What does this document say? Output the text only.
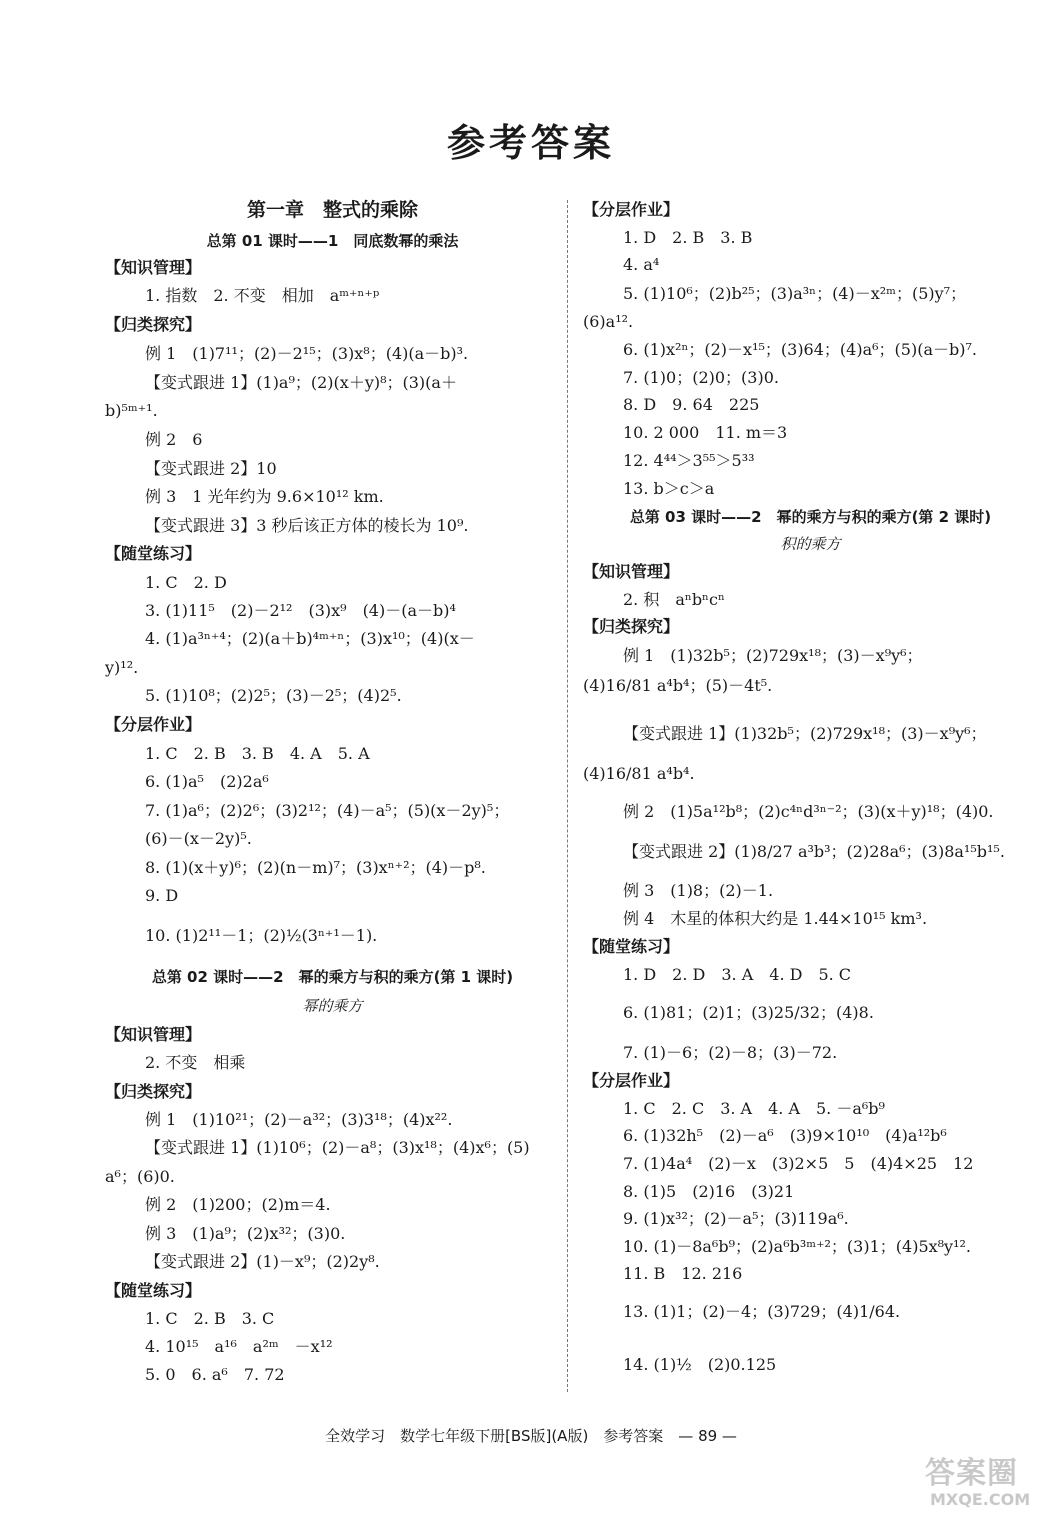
参考答案
第一章　整式的乘除
总第 01 课时——1　同底数幂的乘法
【知识管理】
1. 指数　2. 不变　相加　aᵐ⁺ⁿ⁺ᵖ
【归类探究】
例 1　(1)7¹¹；(2)－2¹⁵；(3)x⁸；(4)(a－b)³.
【变式跟进 1】(1)a⁹；(2)(x＋y)⁸；(3)(a＋
b)⁵ᵐ⁺¹.
例 2　6
【变式跟进 2】10
例 3　1 光年约为 9.6×10¹² km.
【变式跟进 3】3 秒后该正方体的棱长为 10⁹.
【随堂练习】
1. C　2. D
3. (1)11⁵　(2)－2¹²　(3)x⁹　(4)－(a－b)⁴
4. (1)a³ⁿ⁺⁴；(2)(a＋b)⁴ᵐ⁺ⁿ；(3)x¹⁰；(4)(x－
y)¹².
5. (1)10⁸；(2)2⁵；(3)－2⁵；(4)2⁵.
【分层作业】
1. C　2. B　3. B　4. A　5. A
6. (1)a⁵　(2)2a⁶
7. (1)a⁶；(2)2⁶；(3)2¹²；(4)－a⁵；(5)(x－2y)⁵；
(6)－(x－2y)⁵.
8. (1)(x＋y)⁶；(2)(n－m)⁷；(3)xⁿ⁺²；(4)－p⁸.
9. D
10. (1)2¹¹－1；(2)½(3ⁿ⁺¹－1).
总第 02 课时——2　幂的乘方与积的乘方(第 1 课时)
幂的乘方
【知识管理】
2. 不变　相乘
【归类探究】
例 1　(1)10²¹；(2)－a³²；(3)3¹⁸；(4)x²².
【变式跟进 1】(1)10⁶；(2)－a⁸；(3)x¹⁸；(4)x⁶；(5)
a⁶；(6)0.
例 2　(1)200；(2)m＝4.
例 3　(1)a⁹；(2)x³²；(3)0.
【变式跟进 2】(1)－x⁹；(2)2y⁸.
【随堂练习】
1. C　2. B　3. C
4. 10¹⁵　a¹⁶　a²ᵐ　－x¹²
5. 0　6. a⁶　7. 72
【分层作业】
1. D　2. B　3. B
4. a⁴
5. (1)10⁶；(2)b²⁵；(3)a³ⁿ；(4)－x²ᵐ；(5)y⁷；
(6)a¹².
6. (1)x²ⁿ；(2)－x¹⁵；(3)64；(4)a⁶；(5)(a－b)⁷.
7. (1)0；(2)0；(3)0.
8. D　9. 64　225
10. 2 000　11. m＝3
12. 4⁴⁴＞3⁵⁵＞5³³
13. b＞c＞a
总第 03 课时——2　幂的乘方与积的乘方(第 2 课时)
积的乘方
【知识管理】
2. 积　aⁿbⁿcⁿ
【归类探究】
例 1　(1)32b⁵；(2)729x¹⁸；(3)－x⁹y⁶；
(4)16/81 a⁴b⁴；(5)－4t⁵.
【变式跟进 1】(1)32b⁵；(2)729x¹⁸；(3)－x⁹y⁶；
(4)16/81 a⁴b⁴.
例 2　(1)5a¹²b⁸；(2)c⁴ⁿd³ⁿ⁻²；(3)(x＋y)¹⁸；(4)0.
【变式跟进 2】(1)8/27 a³b³；(2)28a⁶；(3)8a¹⁵b¹⁵.
例 3　(1)8；(2)－1.
例 4　木星的体积大约是 1.44×10¹⁵ km³.
【随堂练习】
1. D　2. D　3. A　4. D　5. C
6. (1)81；(2)1；(3)25/32；(4)8.
7. (1)－6；(2)－8；(3)－72.
【分层作业】
1. C　2. C　3. A　4. A　5. －a⁶b⁹
6. (1)32h⁵　(2)－a⁶　(3)9×10¹⁰　(4)a¹²b⁶
7. (1)4a⁴　(2)－x　(3)2×5　5　(4)4×25　12
8. (1)5　(2)16　(3)21
9. (1)x³²；(2)－a⁵；(3)119a⁶.
10. (1)－8a⁶b⁹；(2)a⁶b³ᵐ⁺²；(3)1；(4)5x⁸y¹².
11. B　12. 216
13. (1)1；(2)－4；(3)729；(4)1/64.
14. (1)½　(2)0.125
全效学习　数学七年级下册[BS版](A版)　参考答案　— 89 —
答案圈
MXQE.COM
